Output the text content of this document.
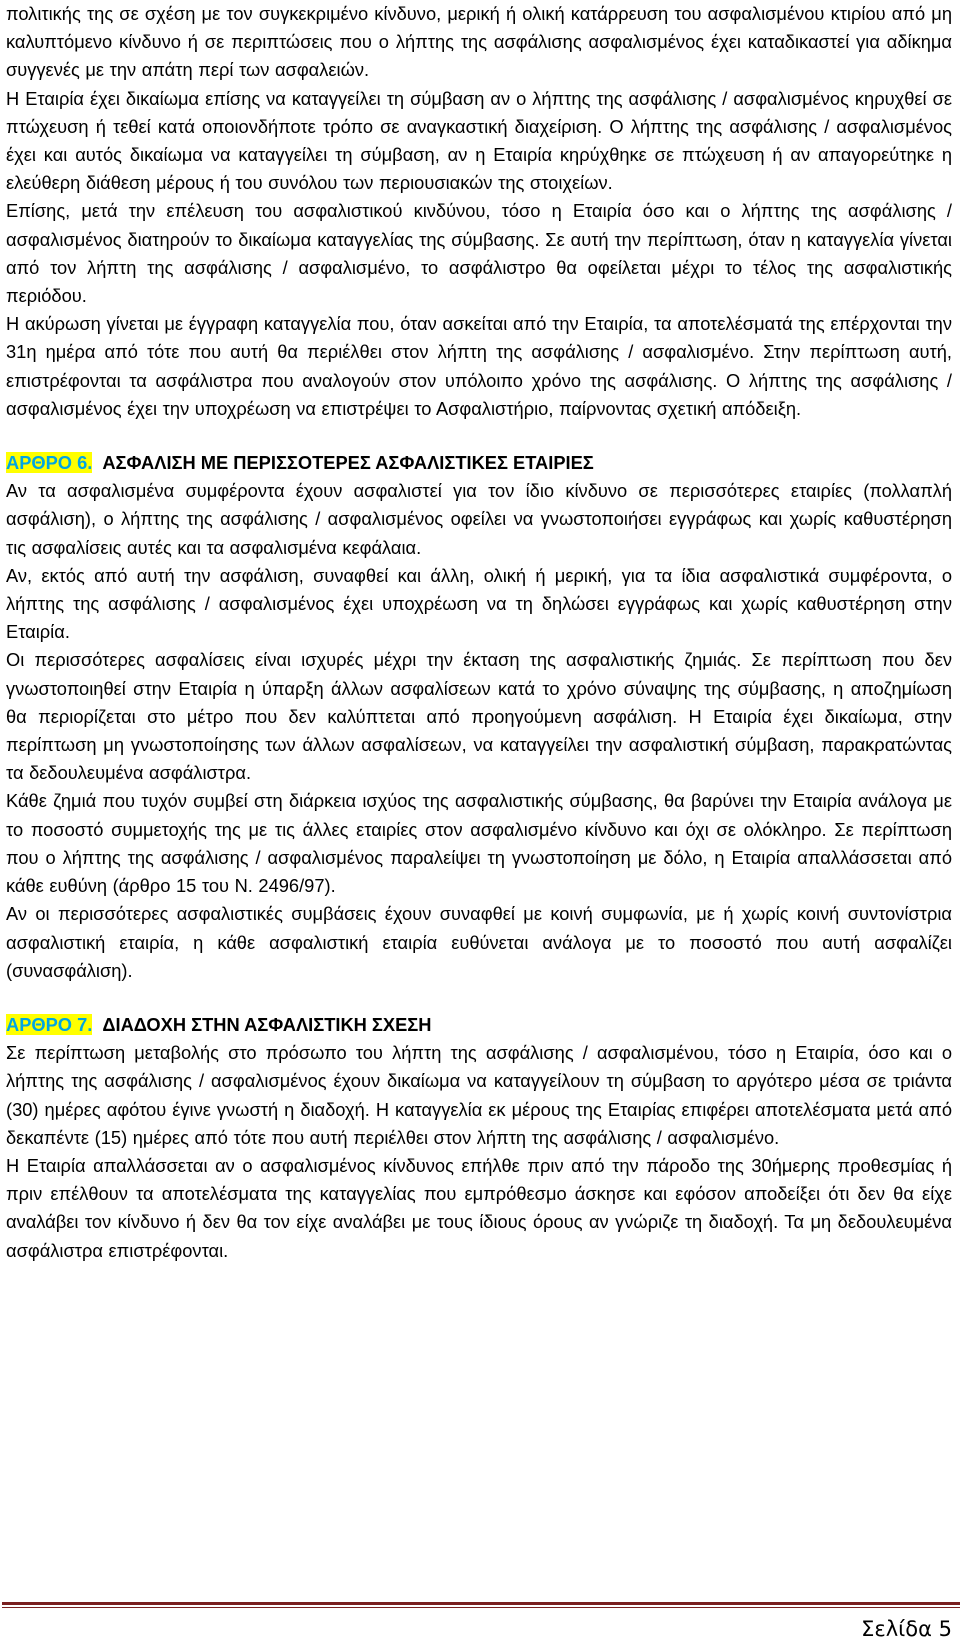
πολιτικής της σε σχέση με τον συγκεκριμένο κίνδυνο, μερική ή ολική κατάρρευση του ασφαλισμένου κτιρίου από μη καλυπτόμενο κίνδυνο ή σε περιπτώσεις που ο λήπτης της ασφάλισης ασφαλισμένος έχει καταδικαστεί για αδίκημα συγγενές με την απάτη περί των ασφαλειών.

Η Εταιρία έχει δικαίωμα επίσης να καταγγείλει τη σύμβαση αν ο λήπτης της ασφάλισης / ασφαλισμένος κηρυχθεί σε πτώχευση ή τεθεί κατά οποιονδήποτε τρόπο σε αναγκαστική διαχείριση. Ο λήπτης της ασφάλισης / ασφαλισμένος έχει και αυτός δικαίωμα να καταγγείλει τη σύμβαση, αν η Εταιρία κηρύχθηκε σε πτώχευση ή αν απαγορεύτηκε η ελεύθερη διάθεση μέρους ή του συνόλου των περιουσιακών της στοιχείων.

Επίσης, μετά την επέλευση του ασφαλιστικού κινδύνου, τόσο η Εταιρία όσο και ο λήπτης της ασφάλισης / ασφαλισμένος διατηρούν το δικαίωμα καταγγελίας της σύμβασης. Σε αυτή την περίπτωση, όταν η καταγγελία γίνεται από τον λήπτη της ασφάλισης / ασφαλισμένο, το ασφάλιστρο θα οφείλεται μέχρι το τέλος της ασφαλιστικής περιόδου.

Η ακύρωση γίνεται με έγγραφη καταγγελία που, όταν ασκείται από την Εταιρία, τα αποτελέσματά της επέρχονται την 31η ημέρα από τότε που αυτή θα περιέλθει στον λήπτη της ασφάλισης / ασφαλισμένο. Στην περίπτωση αυτή, επιστρέφονται τα ασφάλιστρα που αναλογούν στον υπόλοιπο χρόνο της ασφάλισης. Ο λήπτης της ασφάλισης / ασφαλισμένος έχει την υποχρέωση να επιστρέψει το Ασφαλιστήριο, παίρνοντας σχετική απόδειξη.

ΑΡΘΡΟ 6. ΑΣΦΑΛΙΣΗ ΜΕ ΠΕΡΙΣΣΟΤΕΡΕΣ ΑΣΦΑΛΙΣΤΙΚΕΣ ΕΤΑΙΡΙΕΣ

Αν τα ασφαλισμένα συμφέροντα έχουν ασφαλιστεί για τον ίδιο κίνδυνο σε περισσότερες εταιρίες (πολλαπλή ασφάλιση), ο λήπτης της ασφάλισης / ασφαλισμένος οφείλει να γνωστοποιήσει εγγράφως και χωρίς καθυστέρηση τις ασφαλίσεις αυτές και τα ασφαλισμένα κεφάλαια.

Αν, εκτός από αυτή την ασφάλιση, συναφθεί και άλλη, ολική ή μερική, για τα ίδια ασφαλιστικά συμφέροντα, ο λήπτης της ασφάλισης / ασφαλισμένος έχει υποχρέωση να τη δηλώσει εγγράφως και χωρίς καθυστέρηση στην Εταιρία.

Οι περισσότερες ασφαλίσεις είναι ισχυρές μέχρι την έκταση της ασφαλιστικής ζημιάς. Σε περίπτωση που δεν γνωστοποιηθεί στην Εταιρία η ύπαρξη άλλων ασφαλίσεων κατά το χρόνο σύναψης της σύμβασης, η αποζημίωση θα περιορίζεται στο μέτρο που δεν καλύπτεται από προηγούμενη ασφάλιση. Η Εταιρία έχει δικαίωμα, στην περίπτωση μη γνωστοποίησης των άλλων ασφαλίσεων, να καταγγείλει την ασφαλιστική σύμβαση, παρακρατώντας τα δεδουλευμένα ασφάλιστρα.

Κάθε ζημιά που τυχόν συμβεί στη διάρκεια ισχύος της ασφαλιστικής σύμβασης, θα βαρύνει την Εταιρία ανάλογα με το ποσοστό συμμετοχής της με τις άλλες εταιρίες στον ασφαλισμένο κίνδυνο και όχι σε ολόκληρο. Σε περίπτωση που ο λήπτης της ασφάλισης / ασφαλισμένος παραλείψει τη γνωστοποίηση με δόλο, η Εταιρία απαλλάσσεται από κάθε ευθύνη (άρθρο 15 του Ν. 2496/97).

Αν οι περισσότερες ασφαλιστικές συμβάσεις έχουν συναφθεί με κοινή συμφωνία, με ή χωρίς κοινή συντονίστρια ασφαλιστική εταιρία, η κάθε ασφαλιστική εταιρία ευθύνεται ανάλογα με το ποσοστό που αυτή ασφαλίζει (συνασφάλιση).

ΑΡΘΡΟ 7. ΔΙΑΔΟΧΗ ΣΤΗΝ ΑΣΦΑΛΙΣΤΙΚΗ ΣΧΕΣΗ

Σε περίπτωση μεταβολής στο πρόσωπο του λήπτη της ασφάλισης / ασφαλισμένου, τόσο η Εταιρία, όσο και ο λήπτης της ασφάλισης / ασφαλισμένος έχουν δικαίωμα να καταγγείλουν τη σύμβαση το αργότερο μέσα σε τριάντα (30) ημέρες αφότου έγινε γνωστή η διαδοχή. Η καταγγελία εκ μέρους της Εταιρίας επιφέρει αποτελέσματα μετά από δεκαπέντε (15) ημέρες από τότε που αυτή περιέλθει στον λήπτη της ασφάλισης / ασφαλισμένο.

Η Εταιρία απαλλάσσεται αν ο ασφαλισμένος κίνδυνος επήλθε πριν από την πάροδο της 30ήμερης προθεσμίας ή πριν επέλθουν τα αποτελέσματα της καταγγελίας που εμπρόθεσμο άσκησε και εφόσον αποδείξει ότι δεν θα είχε αναλάβει τον κίνδυνο ή δεν θα τον είχε αναλάβει με τους ίδιους όρους αν γνώριζε τη διαδοχή. Τα μη δεδουλευμένα ασφάλιστρα επιστρέφονται.

Σελίδα 5
